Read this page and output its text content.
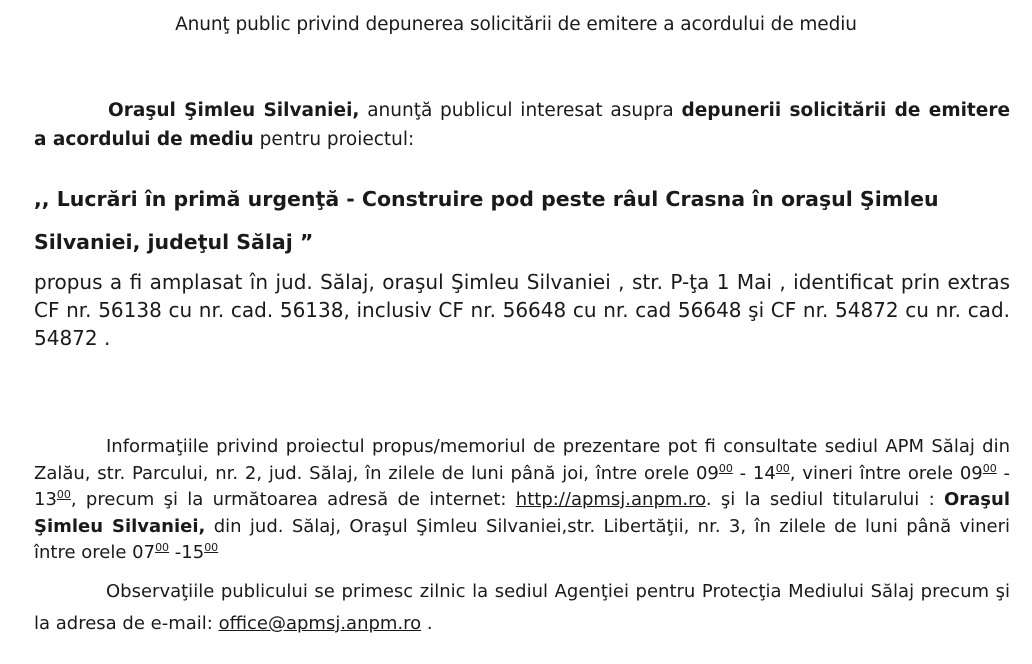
Anunţ public privind depunerea solicitării de emitere a acordului de mediu
Oraşul Şimleu Silvaniei, anunţă publicul interesat asupra depunerii solicitării de emitere a acordului de mediu pentru proiectul:
,, Lucrări în primă urgenţă - Construire pod peste râul Crasna în oraşul Şimleu Silvaniei, judeţul Sălaj ”
propus a fi amplasat în jud. Sălaj, oraşul Şimleu Silvaniei , str. P-ţa 1 Mai , identificat prin extras CF nr. 56138 cu nr. cad. 56138, inclusiv CF nr. 56648 cu nr. cad 56648 şi CF nr. 54872 cu nr. cad. 54872 .
Informaţiile privind proiectul propus/memoriul de prezentare pot fi consultate sediul APM Sălaj din Zalău, str. Parcului, nr. 2, jud. Sălaj, în zilele de luni până joi, între orele $09^{00} - 14^{00}$, vineri între orele $09^{00} - 13^{00}$, precum şi la următoarea adresă de internet: http://apmsj.anpm.ro. şi la sediul titularului : Oraşul Şimleu Silvaniei, din jud. Sălaj, Oraşul Şimleu Silvaniei,str. Libertăţii, nr. 3, în zilele de luni până vineri între orele $07^{00}$ $-15^{00}$
Observaţiile publicului se primesc zilnic la sediul Agenţiei pentru Protecţia Mediului Sălaj precum şi la adresa de e-mail: office@apmsj.anpm.ro .
